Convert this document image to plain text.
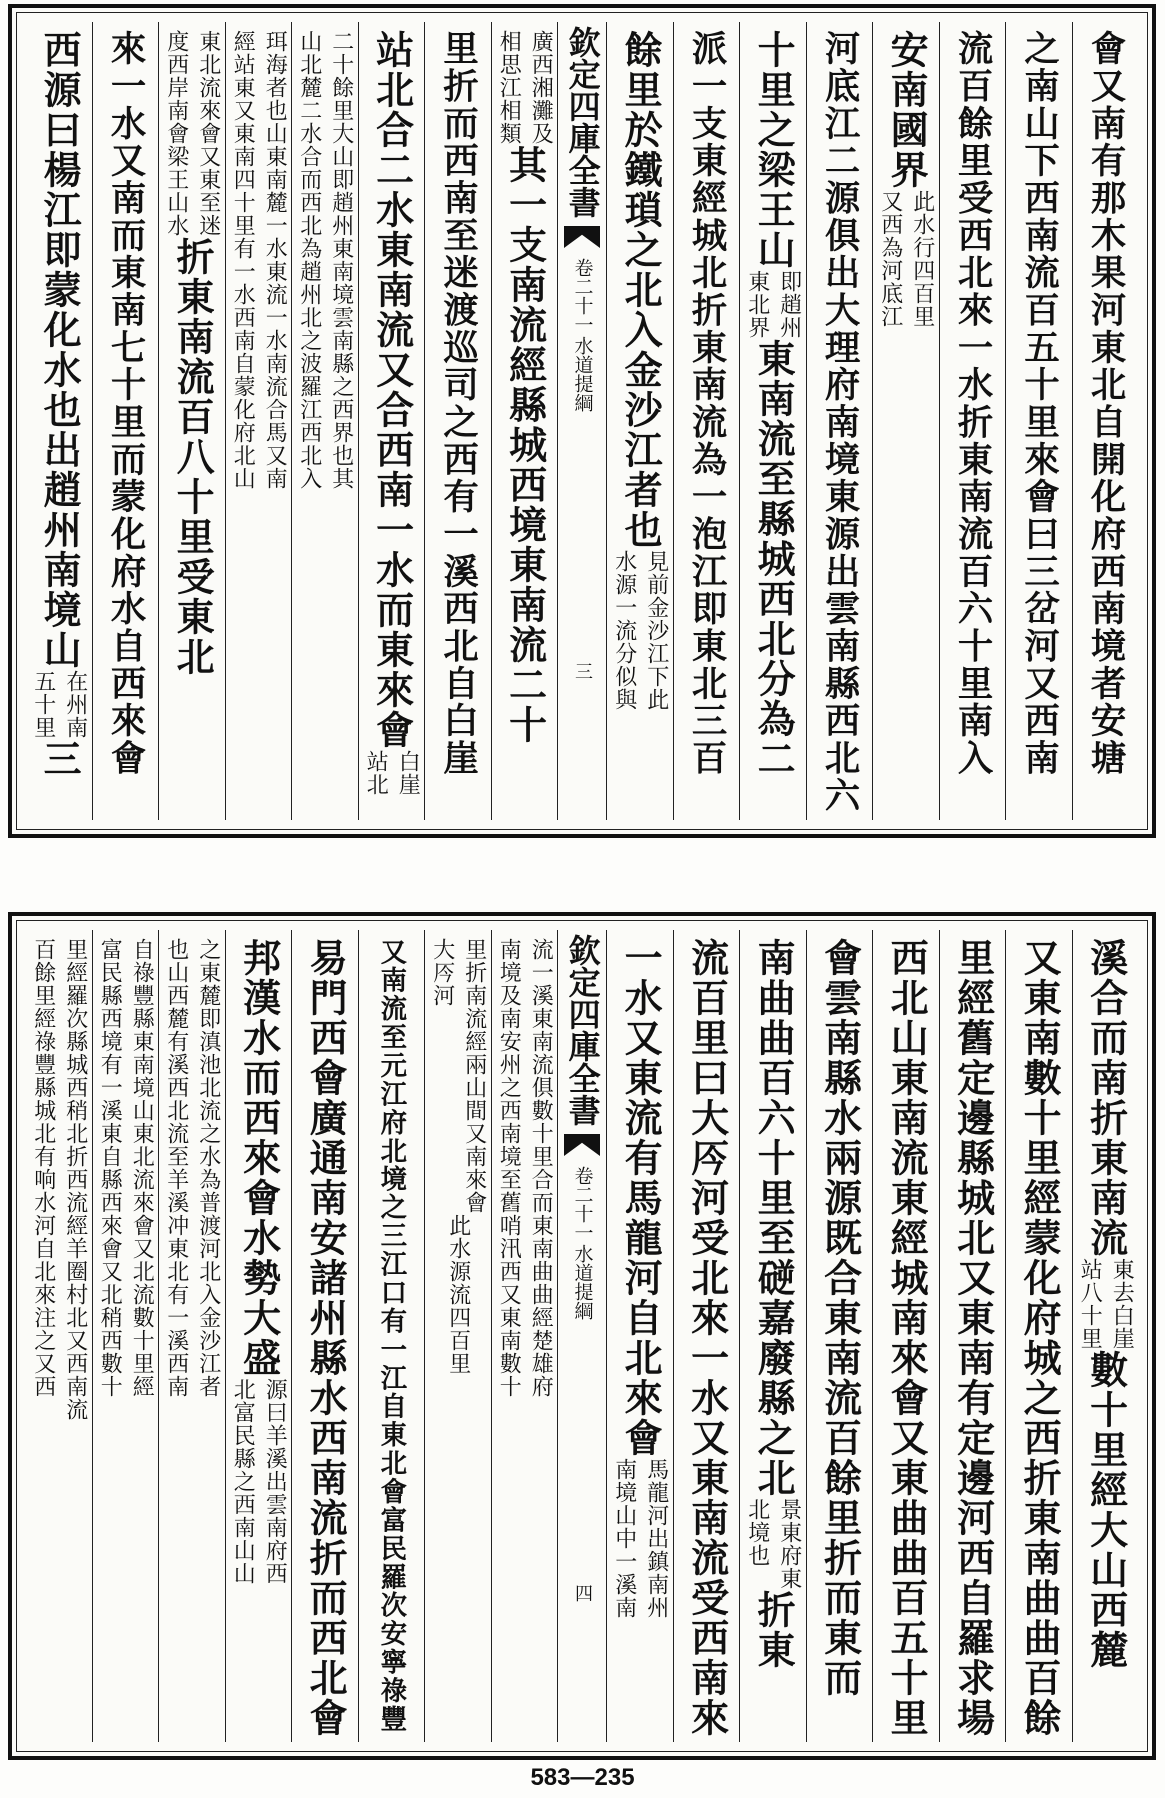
會又南有那木果河東北自開化府西南境者安塘
之南山下西南流百五十里來會曰三岔河又西南
流百餘里受西北來一水折東南流百六十里南入
安南國界
此水行四百里
又西為河底江
河底江二源俱出大理府南境東源出雲南縣西北六
十里之梁王山
即趙州
東北界
東南流至縣城西北分為二
派一支東經城北折東南流為一泡江即東北三百
餘里於鐵瑣之北入金沙江者也
見前金沙江下此
水源一流分似與
欽定四庫全書
水道提綱
卷二十一
三
廣西湘灘及
相思江相類
其一支南流經縣城西境東南流二十
里折而西南至迷渡巡司之西有一溪西北自白崖
站北合二水東南流又合西南一水而東來會
白崖
站北
二十餘里大山即趙州東南境雲南縣之西界也其
山北麓二水合而西北為趙州北之波羅江西北入
珥海者也山東南麓一水東流一水南流合馬又南
經站東又東南四十里有一水西南自蒙化府北山
東北流來會又東至迷
度西岸南會梁王山水
折東南流百八十里受東北
來一水又南而東南七十里而蒙化府水自西來會
西源曰楊江即蒙化水也出趙州南境山
在州南
五十里
三
溪合而南折東南流
東去白崖
站八十里
數十里經大山西麓
又東南數十里經蒙化府城之西折東南曲曲百餘
里經舊定邊縣城北又東南有定邊河西自羅求場
西北山東南流東經城南來會又東曲曲百五十里
會雲南縣水
兩源既合東南流百餘里折而東而
南曲曲百六十里至磀嘉廢縣之北
景東府東
北境也
折東
流百里曰大㕂河受北來一水又東南流受西南來
一水又東流有馬龍河自北來會
馬龍河出鎮南州
南境山中一溪南
欽定四庫全書
水道提綱
卷二十一
四
流一溪東南流俱數十里合而東南曲曲經楚雄府
南境及南安州之西南境至舊哨汛西又東南數十
里折南流經兩山間又南來會
大㕂河
此水源流四百里
又南流至元江府北
境之三江口有一江自東北會富民羅次安寧祿豐
易門西會廣通南安諸州縣水西南流折而西北會
邦漢水而西來會水勢大盛
源曰羊溪出雲南府西
北富民縣之西南山山
之東麓即滇池北流之水為普渡河北入金沙江者
也山西麓有溪西北流至羊溪冲東北有一溪西南
自祿豐縣東南境山東北流來會又北流數十里經
富民縣西境有一溪東自縣西來會又北稍西數十
里經羅次縣城西稍北折西流經羊圈村北又西南流
百餘里經祿豐縣城北有响水河自北來注之又西
583—235
